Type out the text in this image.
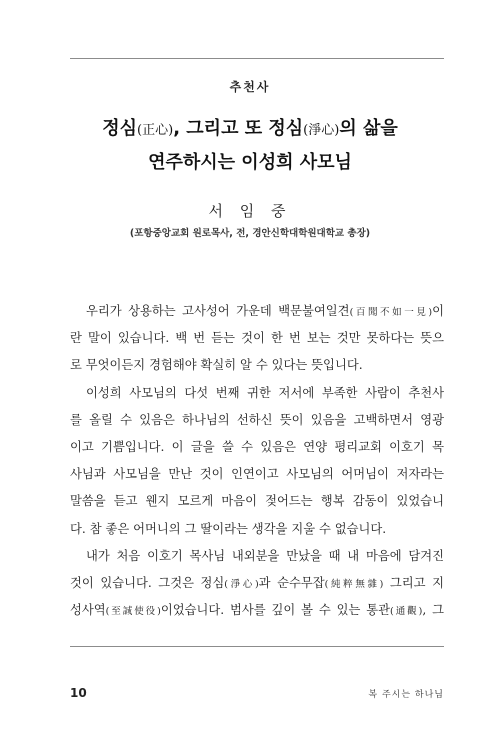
추천사
정심(正心), 그리고 또 정심(淨心)의 삶을
연주하시는 이성희 사모님
서 임 중
(포항중앙교회 원로목사, 전, 경안신학대학원대학교 총장)
우리가 상용하는 고사성어 가운데 백문불여일견(百聞不如一見)이
란 말이 있습니다. 백 번 듣는 것이 한 번 보는 것만 못하다는 뜻으
로 무엇이든지 경험해야 확실히 알 수 있다는 뜻입니다.
이성희 사모님의 다섯 번째 귀한 저서에 부족한 사람이 추천사
를 올릴 수 있음은 하나님의 선하신 뜻이 있음을 고백하면서 영광
이고 기쁨입니다. 이 글을 쓸 수 있음은 연양 평리교회 이호기 목
사님과 사모님을 만난 것이 인연이고 사모님의 어머님이 저자라는
말씀을 듣고 웬지 모르게 마음이 젖어드는 행복 감동이 있었습니
다. 참 좋은 어머니의 그 딸이라는 생각을 지울 수 없습니다.
내가 처음 이호기 목사님 내외분을 만났을 때 내 마음에 담겨진
것이 있습니다. 그것은 정심(淨心)과 순수무잡(純粹無雜) 그리고 지
성사역(至誠使役)이었습니다. 범사를 깊이 볼 수 있는 통관(通觀), 그
10	복 주시는 하나님
